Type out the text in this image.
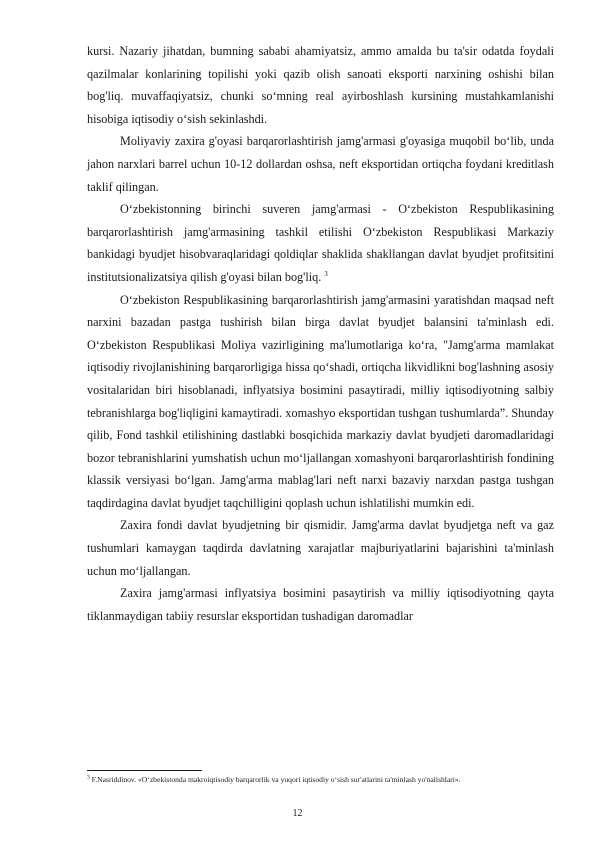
kursi. Nazariy jihatdan, bumning sababi ahamiyatsiz, ammo amalda bu ta'sir odatda foydali qazilmalar konlarining topilishi yoki qazib olish sanoati eksporti narxining oshishi bilan bog'liq. muvaffaqiyatsiz, chunki so‘mning real ayirboshlash kursining mustahkamlanishi hisobiga iqtisodiy o‘sish sekinlashdi.

Moliyaviy zaxira g'oyasi barqarorlashtirish jamg'armasi g'oyasiga muqobil bo‘lib, unda jahon narxlari barrel uchun 10-12 dollardan oshsa, neft eksportidan ortiqcha foydani kreditlash taklif qilingan.

O‘zbekistonning birinchi suveren jamg'armasi - O‘zbekiston Respublikasining barqarorlashtirish jamg'armasining tashkil etilishi O‘zbekiston Respublikasi Markaziy bankidagi byudjet hisobvaraqlaridagi qoldiqlar shaklida shakllangan davlat byudjet profitsitini institutsionalizatsiya qilish g'oyasi bilan bog'liq. $^3$

O‘zbekiston Respublikasining barqarorlashtirish jamg'armasini yaratishdan maqsad neft narxini bazadan pastga tushirish bilan birga davlat byudjet balansini ta'minlash edi. O‘zbekiston Respublikasi Moliya vazirligining ma'lumotlariga ko‘ra, "Jamg'arma mamlakat iqtisodiy rivojlanishining barqarorligiga hissa qo‘shadi, ortiqcha likvidlikni bog'lashning asosiy vositalaridan biri hisoblanadi, inflyatsiya bosimini pasaytiradi, milliy iqtisodiyotning salbiy tebranishlarga bog'liqligini kamaytiradi. xomashyo eksportidan tushgan tushumlarda”. Shunday qilib, Fond tashkil etilishining dastlabki bosqichida markaziy davlat byudjeti daromadlaridagi bozor tebranishlarini yumshatish uchun mo‘ljallangan xomashyoni barqarorlashtirish fondining klassik versiyasi bo‘lgan. Jamg'arma mablag'lari neft narxi bazaviy narxdan pastga tushgan taqdirdagina davlat byudjet taqchilligini qoplash uchun ishlatilishi mumkin edi.

Zaxira fondi davlat byudjetning bir qismidir. Jamg'arma davlat byudjetga neft va gaz tushumlari kamaygan taqdirda davlatning xarajatlar majburiyatlarini bajarishini ta'minlash uchun mo‘ljallangan.

Zaxira jamg'armasi inflyatsiya bosimini pasaytirish va milliy iqtisodiyotning qayta tiklanmaydigan tabiiy resurslar eksportidan tushadigan daromadlar

$^3$ F.Nasriddinov. «O‘zbekistonda makroiqtisodiy barqarorlik va yuqori iqtisodiy o‘sish sur'atlarini ta'minlash yo'nalishlari».

12
